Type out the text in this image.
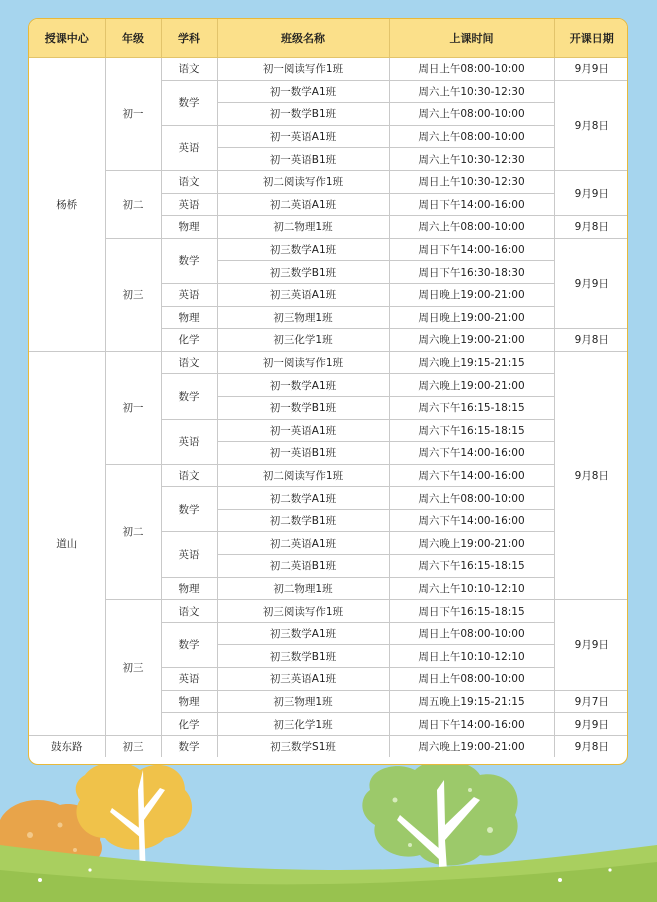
授课中心	年级	学科	班级名称	上课时间	开课日期
杨桥	初一	语文	初一阅读写作1班	周日上午08:00-10:00	9月9日
		数学	初一数学A1班	周六上午10:30-12:30	9月8日
			初一数学B1班	周六上午08:00-10:00	
		英语	初一英语A1班	周六上午08:00-10:00	
			初一英语B1班	周六上午10:30-12:30	
	初二	语文	初二阅读写作1班	周日上午10:30-12:30	9月9日
		英语	初二英语A1班	周日下午14:00-16:00	
		物理	初二物理1班	周六上午08:00-10:00	9月8日
	初三	数学	初三数学A1班	周日下午14:00-16:00	9月9日
			初三数学B1班	周日下午16:30-18:30	
		英语	初三英语A1班	周日晚上19:00-21:00	
		物理	初三物理1班	周日晚上19:00-21:00	
		化学	初三化学1班	周六晚上19:00-21:00	9月8日
道山	初一	语文	初一阅读写作1班	周六晚上19:15-21:15	9月8日
		数学	初一数学A1班	周六晚上19:00-21:00	
			初一数学B1班	周六下午16:15-18:15	
		英语	初一英语A1班	周六下午16:15-18:15	
			初一英语B1班	周六下午14:00-16:00	
	初二	语文	初二阅读写作1班	周六下午14:00-16:00	
		数学	初二数学A1班	周六上午08:00-10:00	
			初二数学B1班	周六下午14:00-16:00	
		英语	初二英语A1班	周六晚上19:00-21:00	
			初二英语B1班	周六下午16:15-18:15	
		物理	初二物理1班	周六上午10:10-12:10	
	初三	语文	初三阅读写作1班	周日下午16:15-18:15	9月9日
		数学	初三数学A1班	周日上午08:00-10:00	
			初三数学B1班	周日上午10:10-12:10	
		英语	初三英语A1班	周日上午08:00-10:00	
		物理	初三物理1班	周五晚上19:15-21:15	9月7日
		化学	初三化学1班	周日下午14:00-16:00	9月9日
鼓东路	初三	数学	初三数学S1班	周六晚上19:00-21:00	9月8日
